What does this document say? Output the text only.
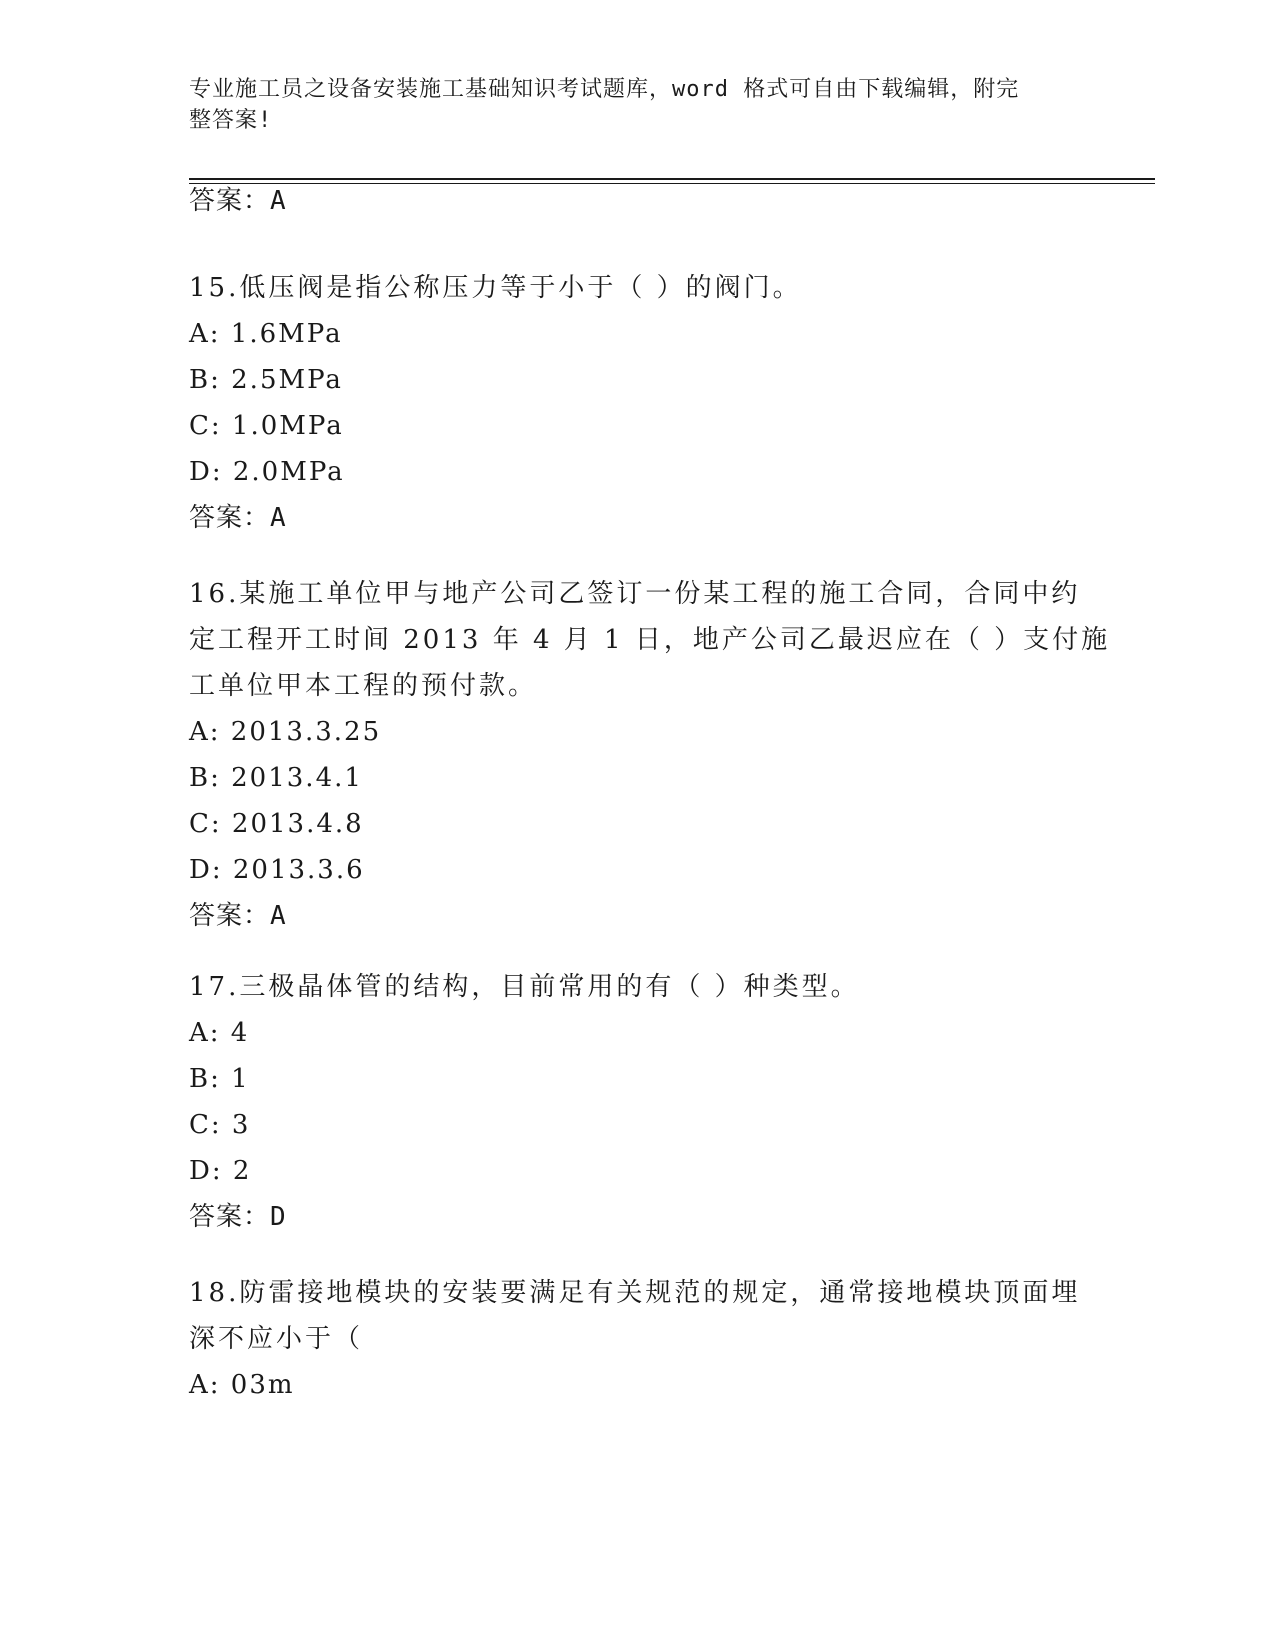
专业施工员之设备安装施工基础知识考试题库，word 格式可自由下载编辑，附完
整答案!
答案：A
15.低压阀是指公称压力等于小于（ ）的阀门。
A: 1.6MPa
B: 2.5MPa
C: 1.0MPa
D: 2.0MPa
答案：A
16.某施工单位甲与地产公司乙签订一份某工程的施工合同，合同中约
定工程开工时间 2013 年 4 月 1 日，地产公司乙最迟应在（ ）支付施
工单位甲本工程的预付款。
A: 2013.3.25
B: 2013.4.1
C: 2013.4.8
D: 2013.3.6
答案：A
17.三极晶体管的结构，目前常用的有（ ）种类型。
A: 4
B: 1
C: 3
D: 2
答案：D
18.防雷接地模块的安装要满足有关规范的规定，通常接地模块顶面埋
深不应小于（
A: 03m
